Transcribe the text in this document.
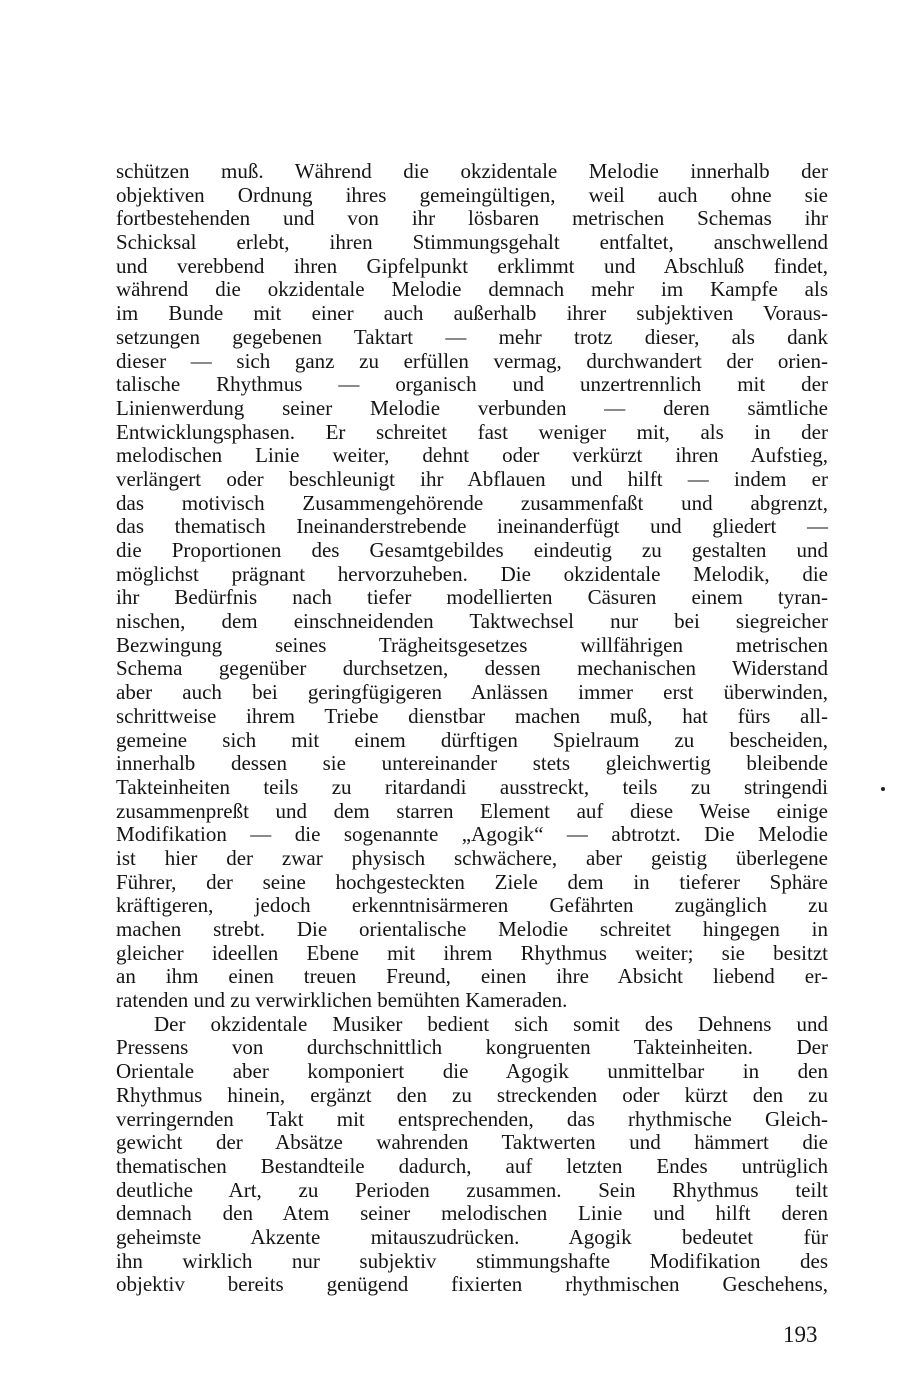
schützen muß. Während die okzidentale Melodie innerhalb der
objektiven Ordnung ihres gemeingültigen, weil auch ohne sie
fortbestehenden und von ihr lösbaren metrischen Schemas ihr
Schicksal erlebt, ihren Stimmungsgehalt entfaltet, anschwellend
und verebbend ihren Gipfelpunkt erklimmt und Abschluß findet,
während die okzidentale Melodie demnach mehr im Kampfe als
im Bunde mit einer auch außerhalb ihrer subjektiven Voraus‑
setzungen gegebenen Taktart — mehr trotz dieser, als dank
dieser — sich ganz zu erfüllen vermag, durchwandert der orien‑
talische Rhythmus — organisch und unzertrennlich mit der
Linienwerdung seiner Melodie verbunden — deren sämtliche
Entwicklungsphasen. Er schreitet fast weniger mit, als in der
melodischen Linie weiter, dehnt oder verkürzt ihren Aufstieg,
verlängert oder beschleunigt ihr Abflauen und hilft — indem er
das motivisch Zusammengehörende zusammenfaßt und abgrenzt,
das thematisch Ineinanderstrebende ineinanderfügt und gliedert —
die Proportionen des Gesamtgebildes eindeutig zu gestalten und
möglichst prägnant hervorzuheben. Die okzidentale Melodik, die
ihr Bedürfnis nach tiefer modellierten Cäsuren einem tyran‑
nischen, dem einschneidenden Taktwechsel nur bei siegreicher
Bezwingung seines Trägheitsgesetzes willfährigen metrischen
Schema gegenüber durchsetzen, dessen mechanischen Widerstand
aber auch bei geringfügigeren Anlässen immer erst überwinden,
schrittweise ihrem Triebe dienstbar machen muß, hat fürs all‑
gemeine sich mit einem dürftigen Spielraum zu bescheiden,
innerhalb dessen sie untereinander stets gleichwertig bleibende
Takteinheiten teils zu ritardandi ausstreckt, teils zu stringendi
zusammenpreßt und dem starren Element auf diese Weise einige
Modifikation — die sogenannte „Agogik“ — abtrotzt. Die Melodie
ist hier der zwar physisch schwächere, aber geistig überlegene
Führer, der seine hochgesteckten Ziele dem in tieferer Sphäre
kräftigeren, jedoch erkenntnisärmeren Gefährten zugänglich zu
machen strebt. Die orientalische Melodie schreitet hingegen in
gleicher ideellen Ebene mit ihrem Rhythmus weiter; sie besitzt
an ihm einen treuen Freund, einen ihre Absicht liebend er‑
ratenden und zu verwirklichen bemühten Kameraden.
Der okzidentale Musiker bedient sich somit des Dehnens und
Pressens von durchschnittlich kongruenten Takteinheiten. Der
Orientale aber komponiert die Agogik unmittelbar in den
Rhythmus hinein, ergänzt den zu streckenden oder kürzt den zu
verringernden Takt mit entsprechenden, das rhythmische Gleich‑
gewicht der Absätze wahrenden Taktwerten und hämmert die
thematischen Bestandteile dadurch, auf letzten Endes untrüglich
deutliche Art, zu Perioden zusammen. Sein Rhythmus teilt
demnach den Atem seiner melodischen Linie und hilft deren
geheimste Akzente mitauszudrücken. Agogik bedeutet für
ihn wirklich nur subjektiv stimmungshafte Modifikation des
objektiv bereits genügend fixierten rhythmischen Geschehens,
193
